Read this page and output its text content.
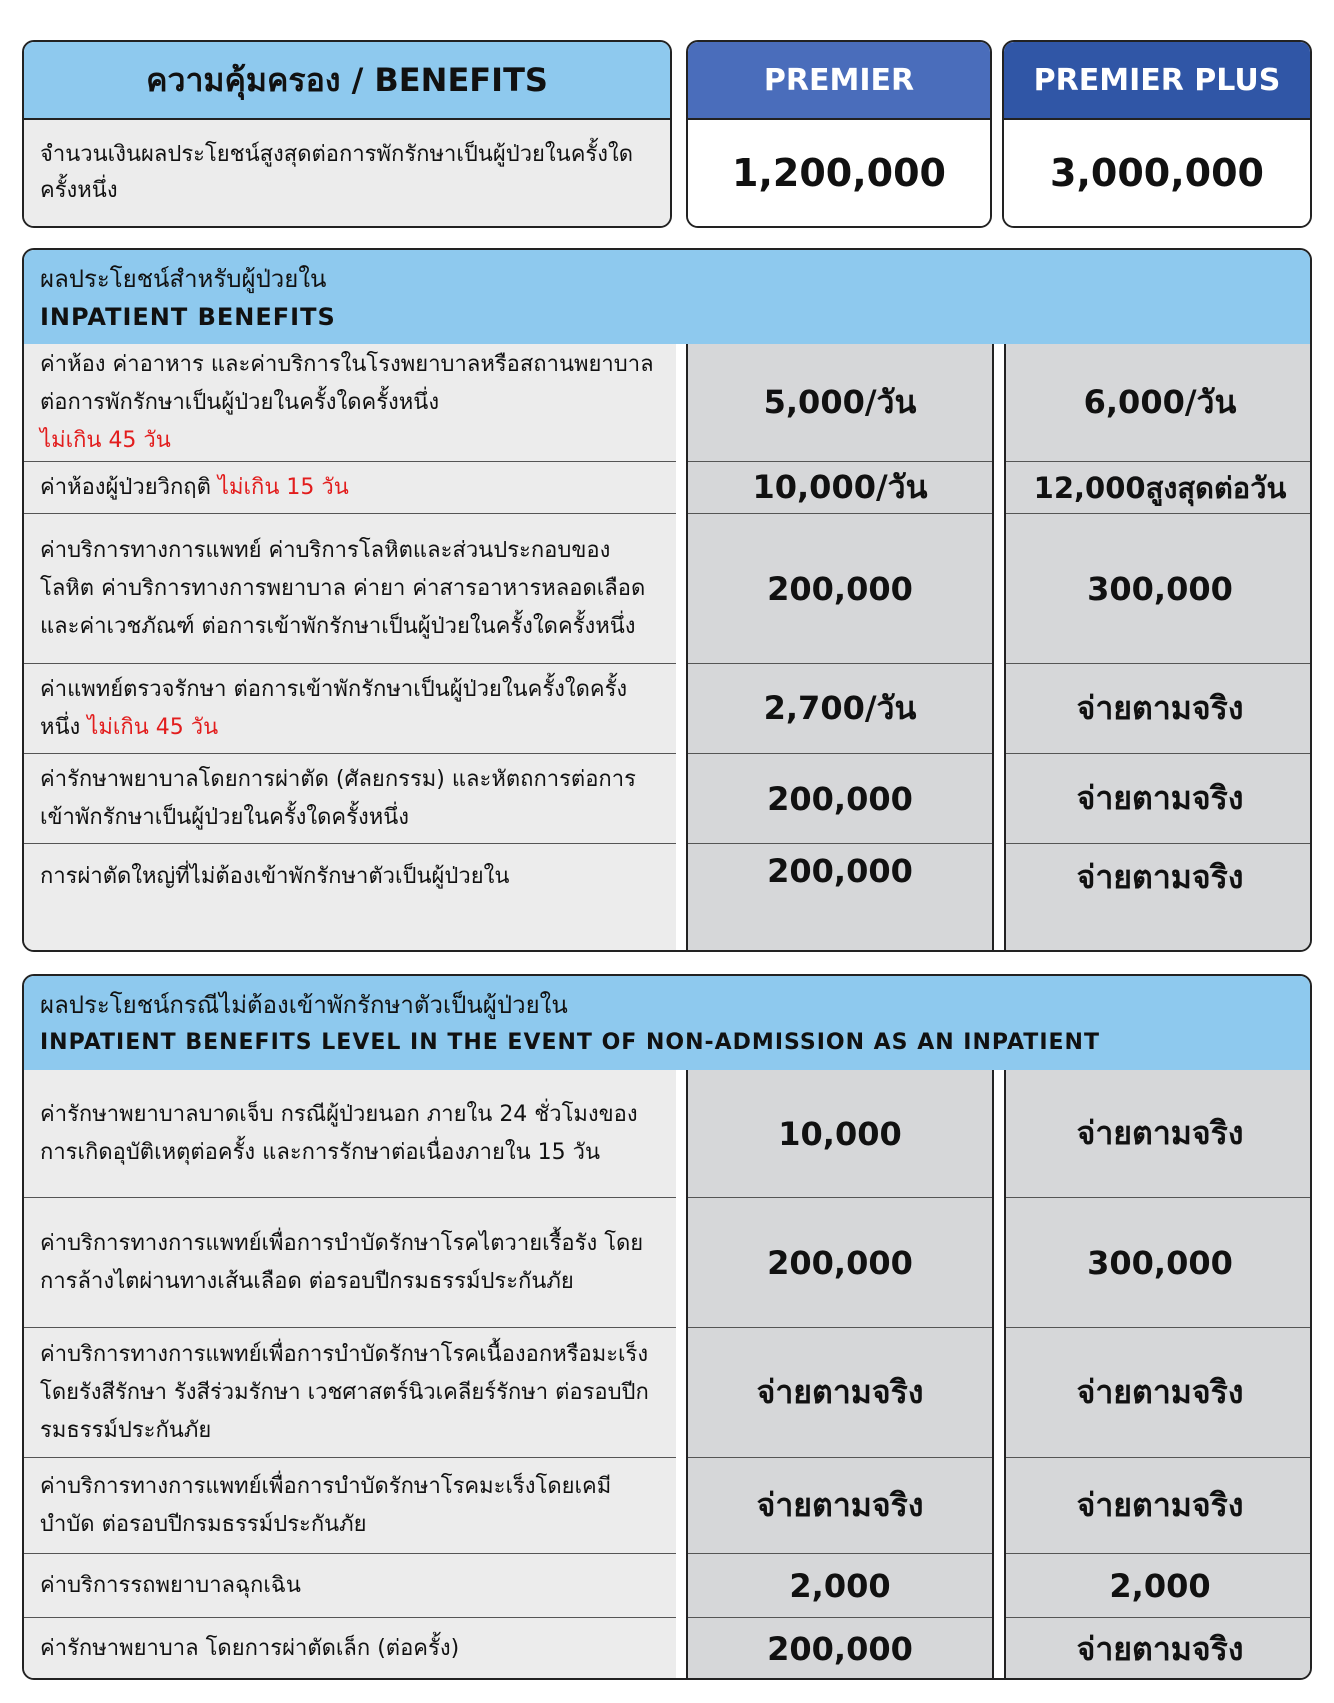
ความคุ้มครอง / BENEFITS
จำนวนเงินผลประโยชน์สูงสุดต่อการพักรักษาเป็นผู้ป่วยในครั้งใดครั้งหนึ่ง
PREMIER
1,200,000
PREMIER PLUS
3,000,000
ผลประโยชน์สำหรับผู้ป่วยใน
INPATIENT BENEFITS
ค่าห้อง ค่าอาหาร และค่าบริการในโรงพยาบาลหรือสถานพยาบาลต่อการพักรักษาเป็นผู้ป่วยในครั้งใดครั้งหนึ่ง
ไม่เกิน 45 วัน
ค่าห้องผู้ป่วยวิกฤติ ไม่เกิน 15 วัน
ค่าบริการทางการแพทย์ ค่าบริการโลหิตและส่วนประกอบของโลหิต ค่าบริการทางการพยาบาล ค่ายา ค่าสารอาหารหลอดเลือด และค่าเวชภัณฑ์ ต่อการเข้าพักรักษาเป็นผู้ป่วยในครั้งใดครั้งหนึ่ง
ค่าแพทย์ตรวจรักษา ต่อการเข้าพักรักษาเป็นผู้ป่วยในครั้งใดครั้งหนึ่ง ไม่เกิน 45 วัน
ค่ารักษาพยาบาลโดยการผ่าตัด (ศัลยกรรม) และหัตถการต่อการเข้าพักรักษาเป็นผู้ป่วยในครั้งใดครั้งหนึ่ง
การผ่าตัดใหญ่ที่ไม่ต้องเข้าพักรักษาตัวเป็นผู้ป่วยใน
5,000/วัน
10,000/วัน
200,000
2,700/วัน
200,000
200,000
6,000/วัน
12,000สูงสุดต่อวัน
300,000
จ่ายตามจริง
จ่ายตามจริง
จ่ายตามจริง
ผลประโยชน์กรณีไม่ต้องเข้าพักรักษาตัวเป็นผู้ป่วยใน
INPATIENT BENEFITS LEVEL IN THE EVENT OF NON-ADMISSION AS AN INPATIENT
ค่ารักษาพยาบาลบาดเจ็บ กรณีผู้ป่วยนอก ภายใน 24 ชั่วโมงของการเกิดอุบัติเหตุต่อครั้ง และการรักษาต่อเนื่องภายใน 15 วัน
ค่าบริการทางการแพทย์เพื่อการบำบัดรักษาโรคไตวายเรื้อรัง โดยการล้างไตผ่านทางเส้นเลือด ต่อรอบปีกรมธรรม์ประกันภัย
ค่าบริการทางการแพทย์เพื่อการบำบัดรักษาโรคเนื้องอกหรือมะเร็ง โดยรังสีรักษา รังสีร่วมรักษา เวชศาสตร์นิวเคลียร์รักษา ต่อรอบปีกรมธรรม์ประกันภัย
ค่าบริการทางการแพทย์เพื่อการบำบัดรักษาโรคมะเร็งโดยเคมีบำบัด ต่อรอบปีกรมธรรม์ประกันภัย
ค่าบริการรถพยาบาลฉุกเฉิน
ค่ารักษาพยาบาล โดยการผ่าตัดเล็ก (ต่อครั้ง)
10,000
200,000
จ่ายตามจริง
จ่ายตามจริง
2,000
200,000
จ่ายตามจริง
300,000
จ่ายตามจริง
จ่ายตามจริง
2,000
จ่ายตามจริง
